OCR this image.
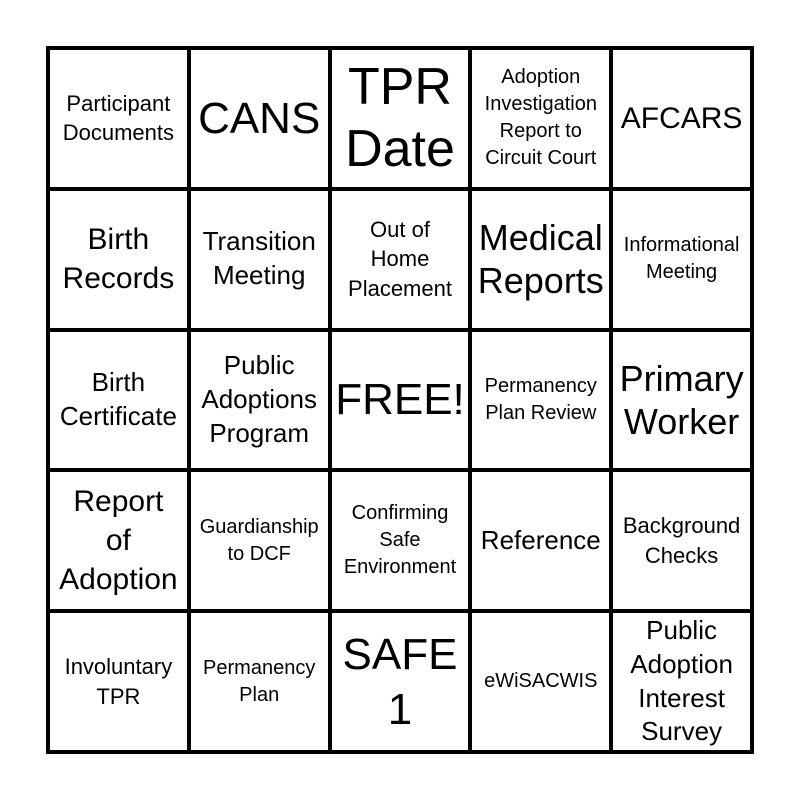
Participant
Documents CANS
TPR
Date
Adoption
Investigation
Report to
Circuit Court
AFCARS
Birth
Records
Transition
Meeting
Out of
Home
Placement
Medical
Reports
Informational
Meeting
Birth
Certificate
Public
Adoptions
Program
FREE! Permanency
Plan Review
Primary
Worker
Report
of
Adoption
Guardianship
to DCF
Confirming
Safe
Environment
Reference	Background
Checks
Involuntary
TPR
Permanency
Plan
SAFE
1
eWiSACWIS
Public
Adoption
Interest
Survey
